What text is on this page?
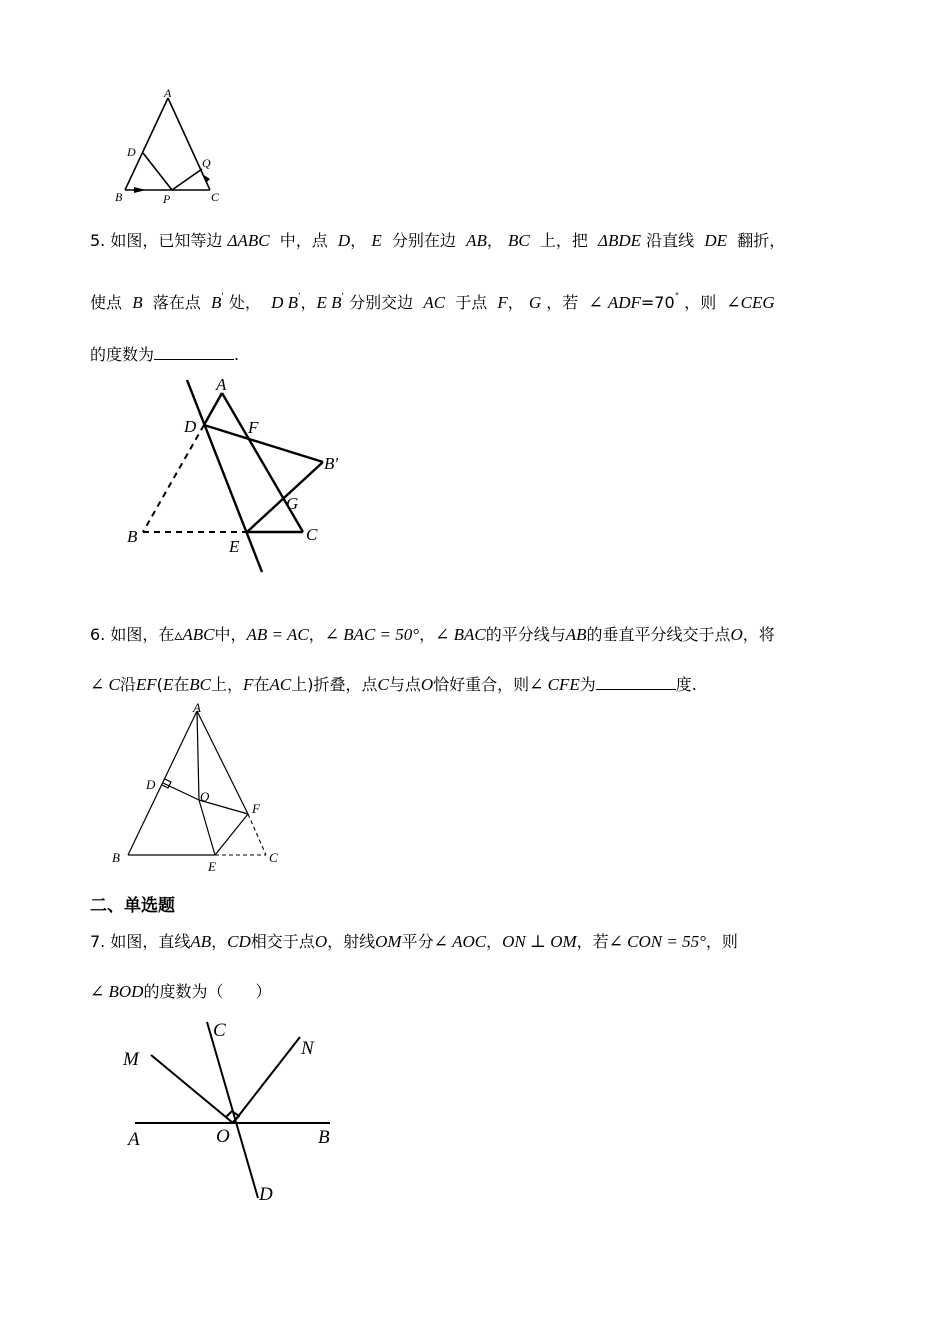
A
D
Q
B	P	C
5. 如图，已知等边 ΔABC 中，点 D， E 分别在边 AB， BC 上，把 ΔBDE 沿直线 DE 翻折，
使点 B 落在点 B' 处， D B'，E B' 分别交边 AC 于点 F， G ，若 ∠ ADF=70° ，则 ∠CEG
的度数为	.
A
D	F
B′
G
B
E
C
6. 如图，在▵ABC中，AB = AC，∠ BAC = 50°，∠ BAC的平分线与AB的垂直平分线交于点O，将
∠ C沿EF(E在BC上，F在AC上)折叠，点C与点O恰好重合，则∠ CFE为	度.
A
D
O
F
B
E
C
二、单选题
7. 如图，直线AB，CD相交于点O，射线OM平分∠ AOC，ON ⊥ OM，若∠ CON = 55°，则
∠ BOD的度数为（　　）
C
N
M
A	O	B
D
